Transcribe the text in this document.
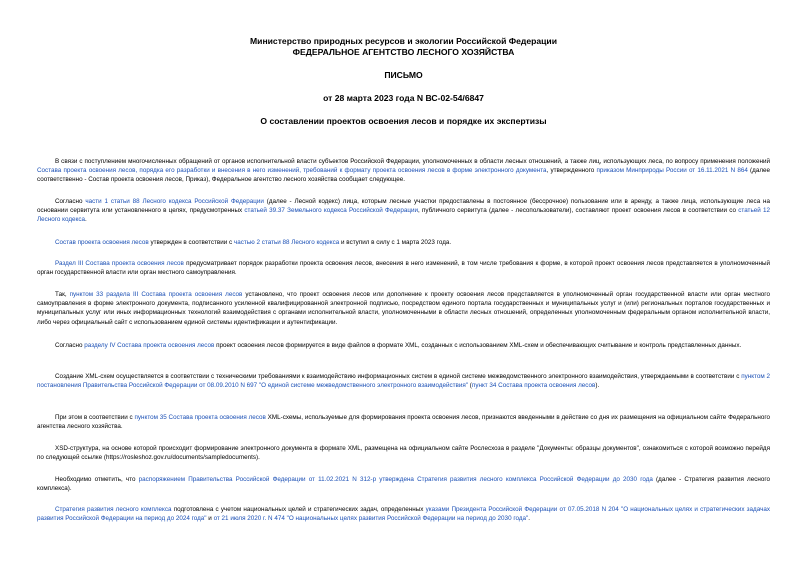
Министерство природных ресурсов и экологии Российской Федерации
ФЕДЕРАЛЬНОЕ АГЕНТСТВО ЛЕСНОГО ХОЗЯЙСТВА
ПИСЬМО
от 28 марта 2023 года N ВС-02-54/6847
О составлении проектов освоения лесов и порядке их экспертизы

В связи с поступлением многочисленных обращений от органов исполнительной власти субъектов Российской Федерации, уполномоченных в области лесных отношений, а также лиц, использующих леса, по вопросу применения положений Состава проекта освоения лесов, порядка его разработки и внесения в него изменений, требований к формату проекта освоения лесов в форме электронного документа, утвержденного приказом Минприроды России от 16.11.2021 N 864 (далее соответственно - Состав проекта освоения лесов, Приказ), Федеральное агентство лесного хозяйства сообщает следующее.

Согласно части 1 статьи 88 Лесного кодекса Российской Федерации (далее - Лесной кодекс) лица, которым лесные участки предоставлены в постоянное (бессрочное) пользование или в аренду, а также лица, использующие леса на основании сервитута или установленного в целях, предусмотренных статьей 39.37 Земельного кодекса Российской Федерации, публичного сервитута (далее - лесопользователи), составляют проект освоения лесов в соответствии со статьей 12 Лесного кодекса.

Состав проекта освоения лесов утвержден в соответствии с частью 2 статьи 88 Лесного кодекса и вступил в силу с 1 марта 2023 года.

Раздел III Состава проекта освоения лесов предусматривает порядок разработки проекта освоения лесов, внесения в него изменений, в том числе требования к форме, в которой проект освоения лесов представляется в уполномоченный орган государственной власти или орган местного самоуправления.

Так, пунктом 33 раздела III Состава проекта освоения лесов установлено, что проект освоения лесов или дополнение к проекту освоения лесов представляется в уполномоченный орган государственной власти или орган местного самоуправления в форме электронного документа, подписанного усиленной квалифицированной электронной подписью, посредством единого портала государственных и муниципальных услуг и (или) региональных порталов государственных и муниципальных услуг или иных информационных технологий взаимодействия с органами исполнительной власти, уполномоченными в области лесных отношений, определенных уполномоченным федеральным органом исполнительной власти, либо через официальный сайт с использованием единой системы идентификации и аутентификации.

Согласно разделу IV Состава проекта освоения лесов проект освоения лесов формируется в виде файлов в формате XML, созданных с использованием XML-схем и обеспечивающих считывание и контроль представленных данных.

Создание XML-схем осуществляется в соответствии с техническими требованиями к взаимодействию информационных систем в единой системе межведомственного электронного взаимодействия, утверждаемыми в соответствии с пунктом 2 постановления Правительства Российской Федерации от 08.09.2010 N 697 "О единой системе межведомственного электронного взаимодействия" (пункт 34 Состава проекта освоения лесов).

При этом в соответствии с пунктом 35 Состава проекта освоения лесов XML-схемы, используемые для формирования проекта освоения лесов, признаются введенными в действие со дня их размещения на официальном сайте Федерального агентства лесного хозяйства.

XSD-структура, на основе которой происходит формирование электронного документа в формате XML, размещена на официальном сайте Рослесхоза в разделе "Документы: образцы документов", ознакомиться с которой возможно перейдя по следующей ссылке (https://rosleshoz.gov.ru/documents/sampledocuments).

Необходимо отметить, что распоряжением Правительства Российской Федерации от 11.02.2021 N 312-р утверждена Стратегия развития лесного комплекса Российской Федерации до 2030 года (далее - Стратегия развития лесного комплекса).

Стратегия развития лесного комплекса подготовлена с учетом национальных целей и стратегических задач, определенных указами Президента Российской Федерации от 07.05.2018 N 204 "О национальных целях и стратегических задачах развития Российской Федерации на период до 2024 года" и от 21 июля 2020 г. N 474 "О национальных целях развития Российской Федерации на период до 2030 года".
